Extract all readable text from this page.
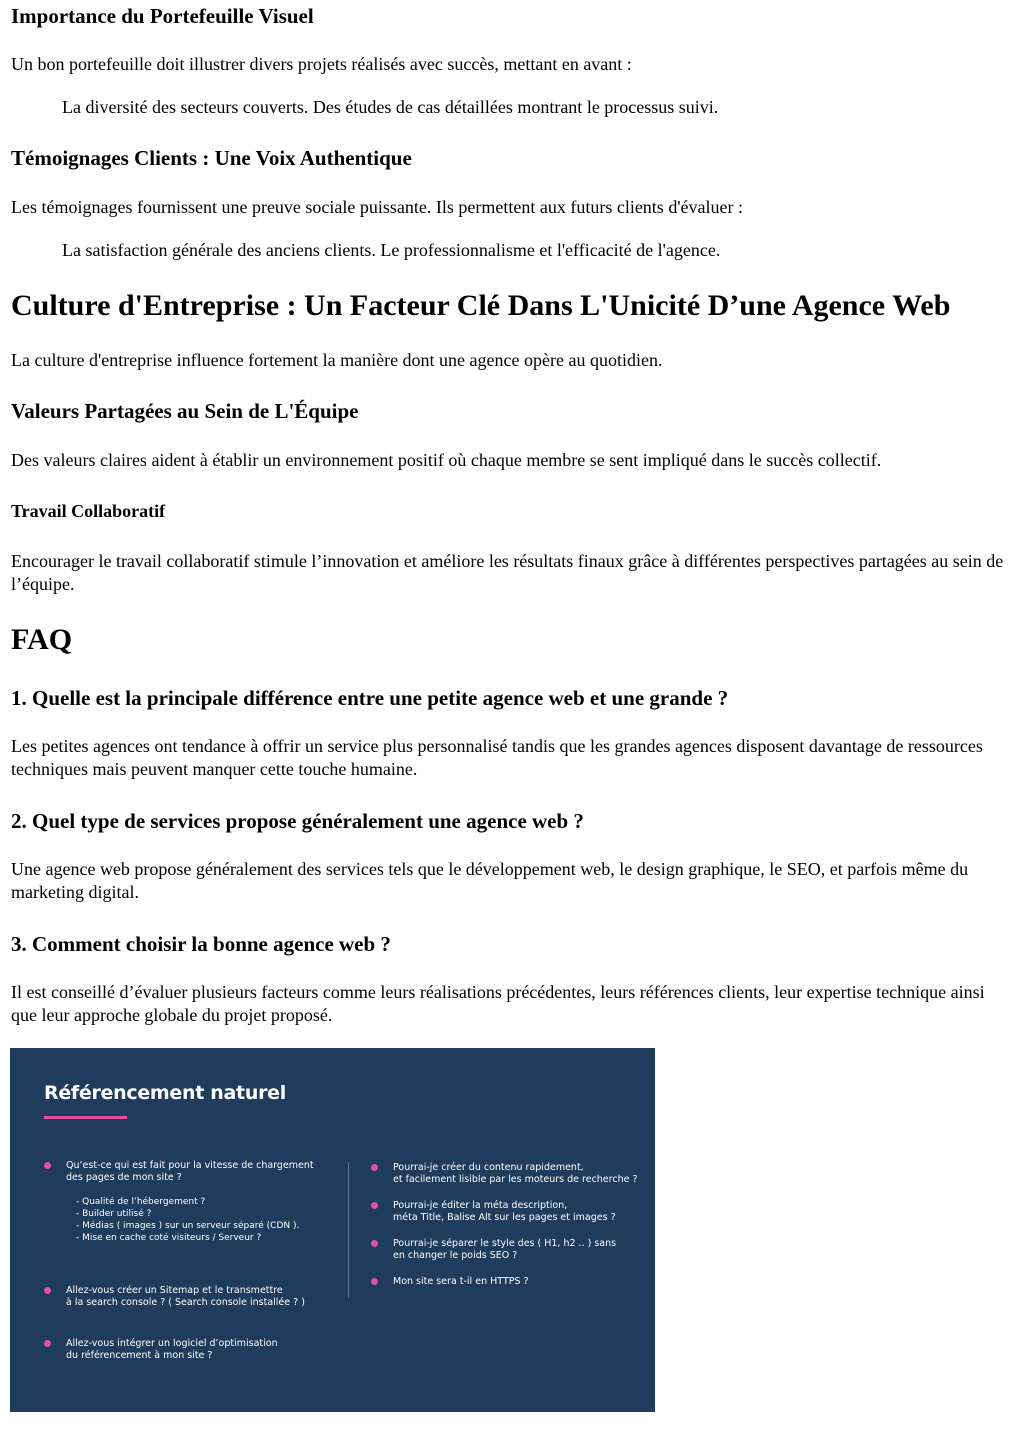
Importance du Portefeuille Visuel

Un bon portefeuille doit illustrer divers projets réalisés avec succès, mettant en avant :

La diversité des secteurs couverts. Des études de cas détaillées montrant le processus suivi.

Témoignages Clients : Une Voix Authentique

Les témoignages fournissent une preuve sociale puissante. Ils permettent aux futurs clients d'évaluer :

La satisfaction générale des anciens clients. Le professionnalisme et l'efficacité de l'agence.

Culture d'Entreprise : Un Facteur Clé Dans L'Unicité D’une Agence Web

La culture d'entreprise influence fortement la manière dont une agence opère au quotidien.

Valeurs Partagées au Sein de L'Équipe

Des valeurs claires aident à établir un environnement positif où chaque membre se sent impliqué dans le succès collectif.

Travail Collaboratif

Encourager le travail collaboratif stimule l’innovation et améliore les résultats finaux grâce à différentes perspectives partagées au sein de l’équipe.

FAQ
1. Quelle est la principale différence entre une petite agence web et une grande ?

Les petites agences ont tendance à offrir un service plus personnalisé tandis que les grandes agences disposent davantage de ressources techniques mais peuvent manquer cette touche humaine.

2. Quel type de services propose généralement une agence web ?

Une agence web propose généralement des services tels que le développement web, le design graphique, le SEO, et parfois même du marketing digital.

3. Comment choisir la bonne agence web ?

Il est conseillé d’évaluer plusieurs facteurs comme leurs réalisations précédentes, leurs références clients, leur expertise technique ainsi que leur approche globale du projet proposé.

Référencement naturel
Qu’est-ce qui est fait pour la vitesse de chargement
des pages de mon site ?
- Qualité de l’hébergement ?
- Builder utilisé ?
- Médias ( images ) sur un serveur séparé (CDN ).
- Mise en cache coté visiteurs / Serveur ?
Allez-vous créer un Sitemap et le transmettre
à la search console ? ( Search console installée ? )
Allez-vous intégrer un logiciel d’optimisation
du référencement à mon site ?
Pourrai-je créer du contenu rapidement,
et facilement lisible par les moteurs de recherche ?
Pourrai-je éditer la méta description,
méta Title, Balise Alt sur les pages et images ?
Pourrai-je séparer le style des ( H1, h2 .. ) sans
en changer le poids SEO ?
Mon site sera t-il en HTTPS ?
